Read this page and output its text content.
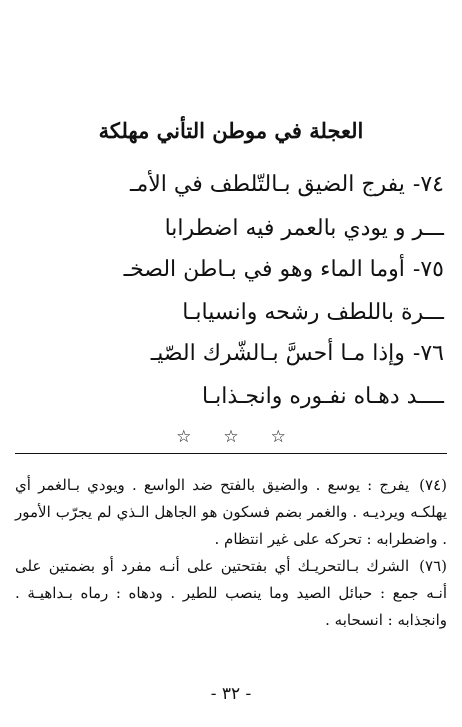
العجلة في موطن التأني مهلكة
٧٤-يفرج الضيق بـالتّلطف في الأمـ
ـــر و يودي بالعمر فيه اضطرابا
٧٥-أوما الماء وهو في بـاطن الصخـ
ـــرة باللطف رشحه وانسيابـا
٧٦-وإذا مـا أحسَّ بـالشّرك الصّيـ
ــــد دهـاه نفـوره وانجـذابـا
☆☆☆

(٧٤)يفرج : يوسع . والضيق بالفتح ضد الواسع . ويودي بـالغمر أي يهلكـه ويرديـه . والغمر بضم فسكون هو الجاهل الـذي لم يجرّب الأمور . واضطرابه : تحركه على غير انتظام .

(٧٦)الشرك بـالتحريـك أي بفتحتين على أنـه مفرد أو بضمتين على أنـه جمع : حبائل الصيد وما ينصب للطير . ودهاه : رماه بـداهيـة . وانجذابه : انسحابه .

- ٣٢ -
